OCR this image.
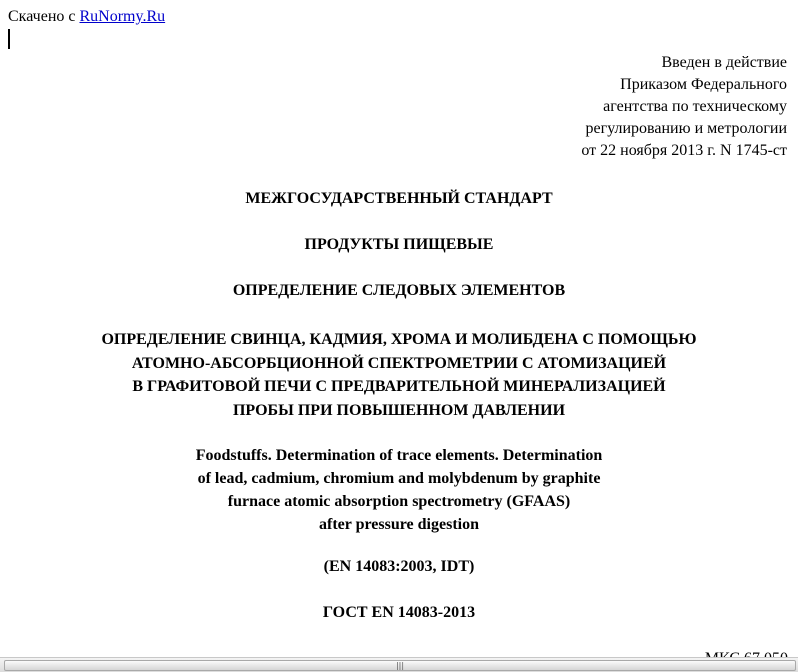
Скачено с RuNormy.Ru
Введен в действие
Приказом Федерального
агентства по техническому
регулированию и метрологии
от 22 ноября 2013 г. N 1745-ст
МЕЖГОСУДАРСТВЕННЫЙ СТАНДАРТ
ПРОДУКТЫ ПИЩЕВЫЕ
ОПРЕДЕЛЕНИЕ СЛЕДОВЫХ ЭЛЕМЕНТОВ
ОПРЕДЕЛЕНИЕ СВИНЦА, КАДМИЯ, ХРОМА И МОЛИБДЕНА С ПОМОЩЬЮ
АТОМНО-АБСОРБЦИОННОЙ СПЕКТРОМЕТРИИ С АТОМИЗАЦИЕЙ
В ГРАФИТОВОЙ ПЕЧИ С ПРЕДВАРИТЕЛЬНОЙ МИНЕРАЛИЗАЦИЕЙ
ПРОБЫ ПРИ ПОВЫШЕННОМ ДАВЛЕНИИ
Foodstuffs. Determination of trace elements. Determination
of lead, cadmium, chromium and molybdenum by graphite
furnace atomic absorption spectrometry (GFAAS)
after pressure digestion
(EN 14083:2003, IDT)
ГОСТ EN 14083-2013
|||
